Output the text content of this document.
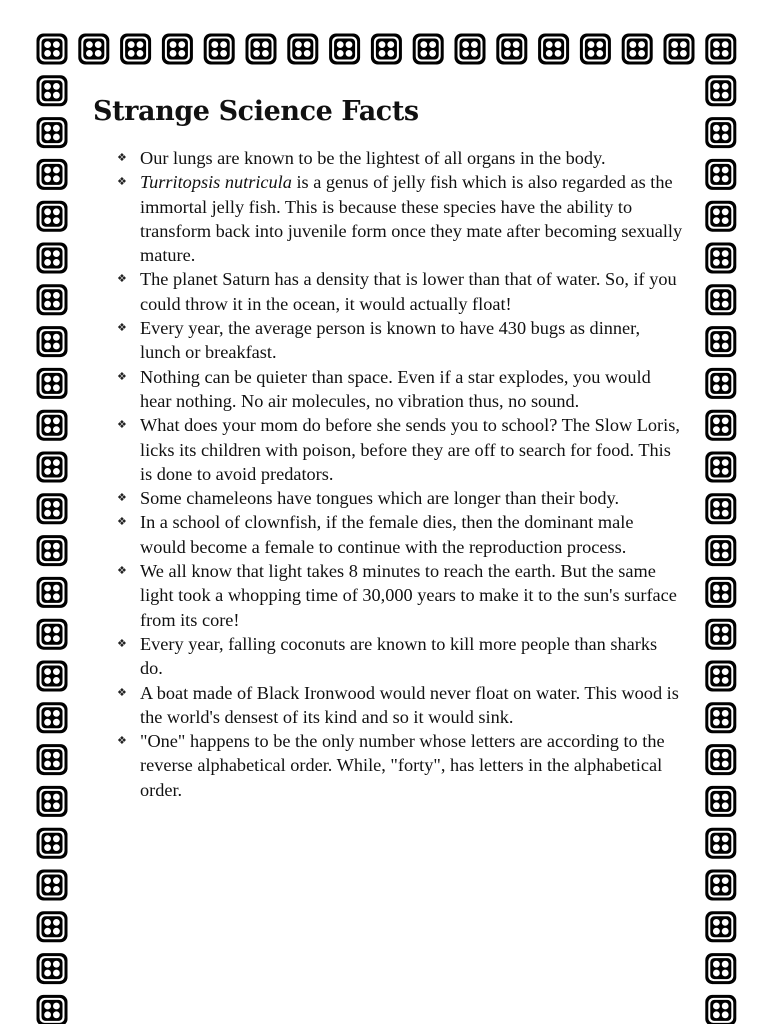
Strange Science Facts
❖ Our lungs are known to be the lightest of all organs in the body.
❖ Turritopsis nutricula is a genus of jelly fish which is also regarded as the immortal jelly fish. This is because these species have the ability to transform back into juvenile form once they mate after becoming sexually mature.
❖ The planet Saturn has a density that is lower than that of water. So, if you could throw it in the ocean, it would actually float!
❖ Every year, the average person is known to have 430 bugs as dinner, lunch or breakfast.
❖ Nothing can be quieter than space. Even if a star explodes, you would hear nothing. No air molecules, no vibration thus, no sound.
❖ What does your mom do before she sends you to school? The Slow Loris, licks its children with poison, before they are off to search for food. This is done to avoid predators.
❖ Some chameleons have tongues which are longer than their body.
❖ In a school of clownfish, if the female dies, then the dominant male would become a female to continue with the reproduction process.
❖ We all know that light takes 8 minutes to reach the earth. But the same light took a whopping time of 30,000 years to make it to the sun's surface from its core!
❖ Every year, falling coconuts are known to kill more people than sharks do.
❖ A boat made of Black Ironwood would never float on water. This wood is the world's densest of its kind and so it would sink.
❖ "One" happens to be the only number whose letters are according to the reverse alphabetical order. While, "forty", has letters in the alphabetical order.
